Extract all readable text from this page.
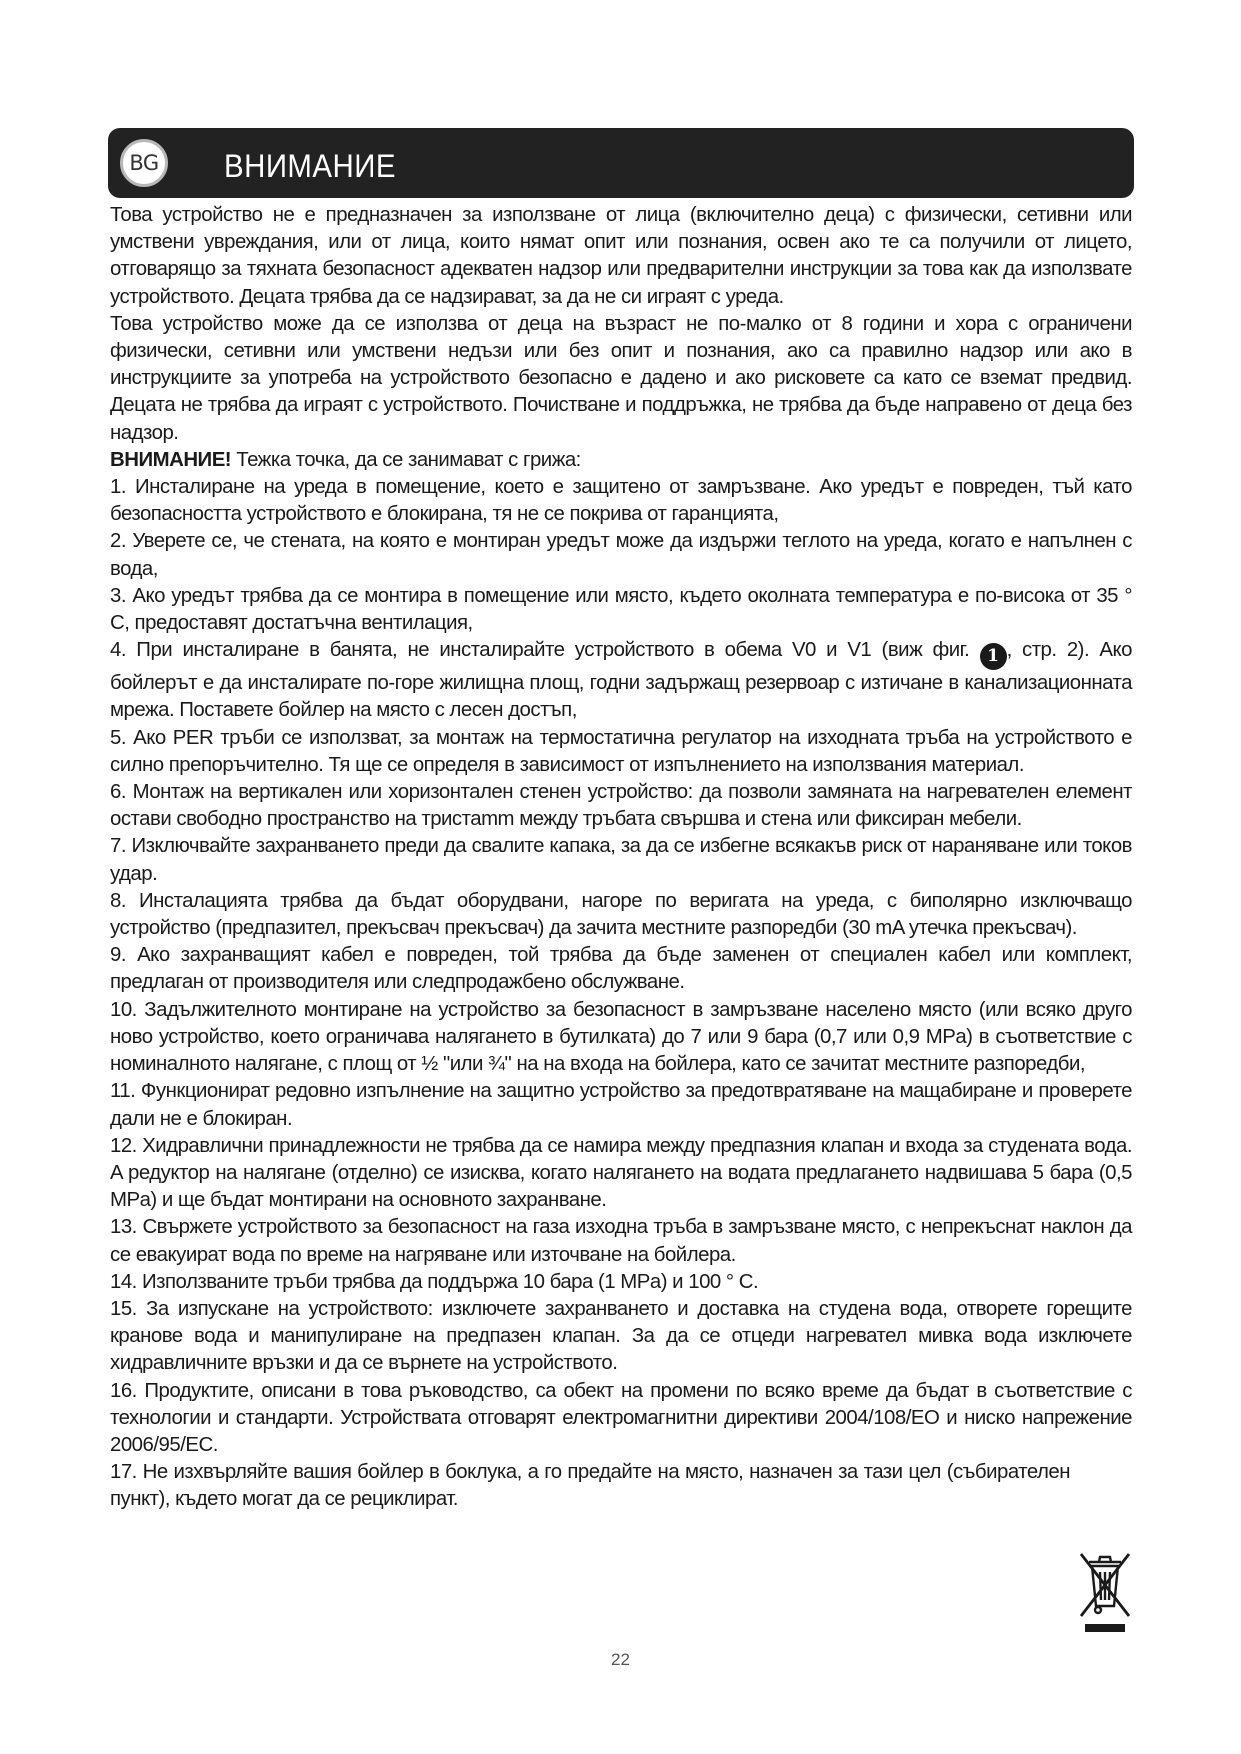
BG ВНИМАНИЕ

Това устройство не е предназначен за използване от лица (включително деца) с физически, сетивни или умствени увреждания, или от лица, които нямат опит или познания, освен ако те са получили от лицето, отговарящо за тяхната безопасност адекватен надзор или предварителни инструкции за това как да използвате устройството. Децата трябва да се надзирават, за да не си играят с уреда.

Това устройство може да се използва от деца на възраст не по-малко от 8 години и хора с ограничени физически, сетивни или умствени недъзи или без опит и познания, ако са правилно надзор или ако в инструкциите за употреба на устройството безопасно е дадено и ако рисковете са като се вземат предвид. Децата не трябва да играят с устройството. Почистване и поддръжка, не трябва да бъде направено от деца без надзор.

ВНИМАНИЕ! Тежка точка, да се занимават с грижа:

1. Инсталиране на уреда в помещение, което е защитено от замръзване. Ако уредът е повреден, тъй като безопасността устройството е блокирана, тя не се покрива от гаранцията,

2. Уверете се, че стената, на която е монтиран уредът може да издържи теглото на уреда, когато е напълнен с вода,

3. Ако уредът трябва да се монтира в помещение или място, където околната температура е по-висока от 35 ° C, предоставят достатъчна вентилация,

4. При инсталиране в банята, не инсталирайте устройството в обема V0 и V1 (виж фиг. 1 , стр. 2). Ако бойлерът е да инсталирате по-горе жилищна площ, годни задържащ резервоар с изтичане в канализационната мрежа. Поставете бойлер на място с лесен достъп,

5. Ако PER тръби се използват, за монтаж на термостатична регулатор на изходната тръба на устройството е силно препоръчително. Тя ще се определя в зависимост от изпълнението на използвания материал.

6. Монтаж на вертикален или хоризонтален стенен устройство: да позволи замяната на нагревателен елемент остави свободно пространство на тристаmm между тръбата свършва и стена или фиксиран мебели.

7. Изключвайте захранването преди да свалите капака, за да се избегне всякакъв риск от нараняване или токов удар.

8. Инсталацията трябва да бъдат оборудвани, нагоре по веригата на уреда, с биполярно изключващо устройство (предпазител, прекъсвач прекъсвач) да зачита местните разпоредби (30 mA утечка прекъсвач).

9. Ако захранващият кабел е повреден, той трябва да бъде заменен от специален кабел или комплект, предлаган от производителя или следпродажбено обслужване.

10. Задължителното монтиране на устройство за безопасност в замръзване населено място (или всяко друго ново устройство, което ограничава налягането в бутилката) до 7 или 9 бара (0,7 или 0,9 MPa) в съответствие с номиналното налягане, с площ от ½ "или ¾" на на входа на бойлера, като се зачитат местните разпоредби,

11. Функционират редовно изпълнение на защитно устройство за предотвратяване на мащабиране и проверете дали не е блокиран.

12. Хидравлични принадлежности не трябва да се намира между предпазния клапан и входа за студената вода. A редуктор на налягане (отделно) се изисква, когато налягането на водата предлагането надвишава 5 бара (0,5 MPa) и ще бъдат монтирани на основното захранване.

13. Свържете устройството за безопасност на газа изходна тръба в замръзване място, с непрекъснат наклон да се евакуират вода по време на нагряване или източване на бойлера.

14. Използваните тръби трябва да поддържа 10 бара (1 MPa) и 100 ° C.

15. За изпускане на устройството: изключете захранването и доставка на студена вода, отворете горещите кранове вода и манипулиране на предпазен клапан. За да се отцеди нагревател мивка вода изключете хидравличните връзки и да се върнете на устройството.

16. Продуктите, описани в това ръководство, са обект на промени по всяко време да бъдат в съответствие с технологии и стандарти. Устройствата отговарят електромагнитни директиви 2004/108/EO и ниско напрежение 2006/95/EC.

17. Не изхвърляйте вашия бойлер в боклука, а го предайте на място, назначен за тази цел (събирателен пункт), където могат да се рециклират.

22
